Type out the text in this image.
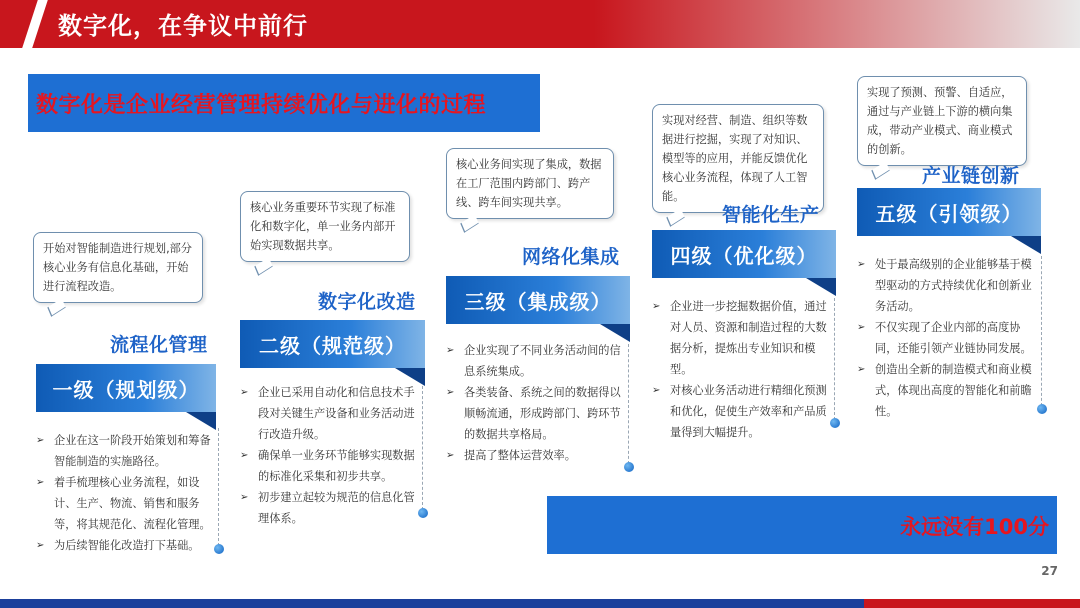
数字化，在争议中前行
数字化是企业经营管理持续优化与进化的过程
开始对智能制造进行规划,部分核心业务有信息化基础，开始进行流程改造。
流程化管理
一级（规划级）
➢ 企业在这一阶段开始策划和筹备智能制造的实施路径。
➢ 着手梳理核心业务流程，如设计、生产、物流、销售和服务等，将其规范化、流程化管理。
➢ 为后续智能化改造打下基础。
核心业务重要环节实现了标准化和数字化，单一业务内部开始实现数据共享。
数字化改造
二级（规范级）
➢ 企业已采用自动化和信息技术手段对关键生产设备和业务活动进行改造升级。
➢ 确保单一业务环节能够实现数据的标准化采集和初步共享。
➢ 初步建立起较为规范的信息化管理体系。
核心业务间实现了集成，数据在工厂范围内跨部门、跨产线、跨车间实现共享。
网络化集成
三级（集成级）
➢ 企业实现了不同业务活动间的信息系统集成。
➢ 各类装备、系统之间的数据得以顺畅流通，形成跨部门、跨环节的数据共享格局。
➢ 提高了整体运营效率。
实现对经营、制造、组织等数据进行挖掘，实现了对知识、模型等的应用，并能反馈优化核心业务流程，体现了人工智能。
智能化生产
四级（优化级）
➢ 企业进一步挖掘数据价值，通过对人员、资源和制造过程的大数据分析，提炼出专业知识和模型。
➢ 对核心业务活动进行精细化预测和优化，促使生产效率和产品质量得到大幅提升。
实现了预测、预警、自适应，通过与产业链上下游的横向集成，带动产业模式、商业模式的创新。
产业链创新
五级（引领级）
➢ 处于最高级别的企业能够基于模型驱动的方式持续优化和创新业务活动。
➢ 不仅实现了企业内部的高度协同，还能引领产业链协同发展。
➢ 创造出全新的制造模式和商业模式，体现出高度的智能化和前瞻性。
永远没有100分
27
